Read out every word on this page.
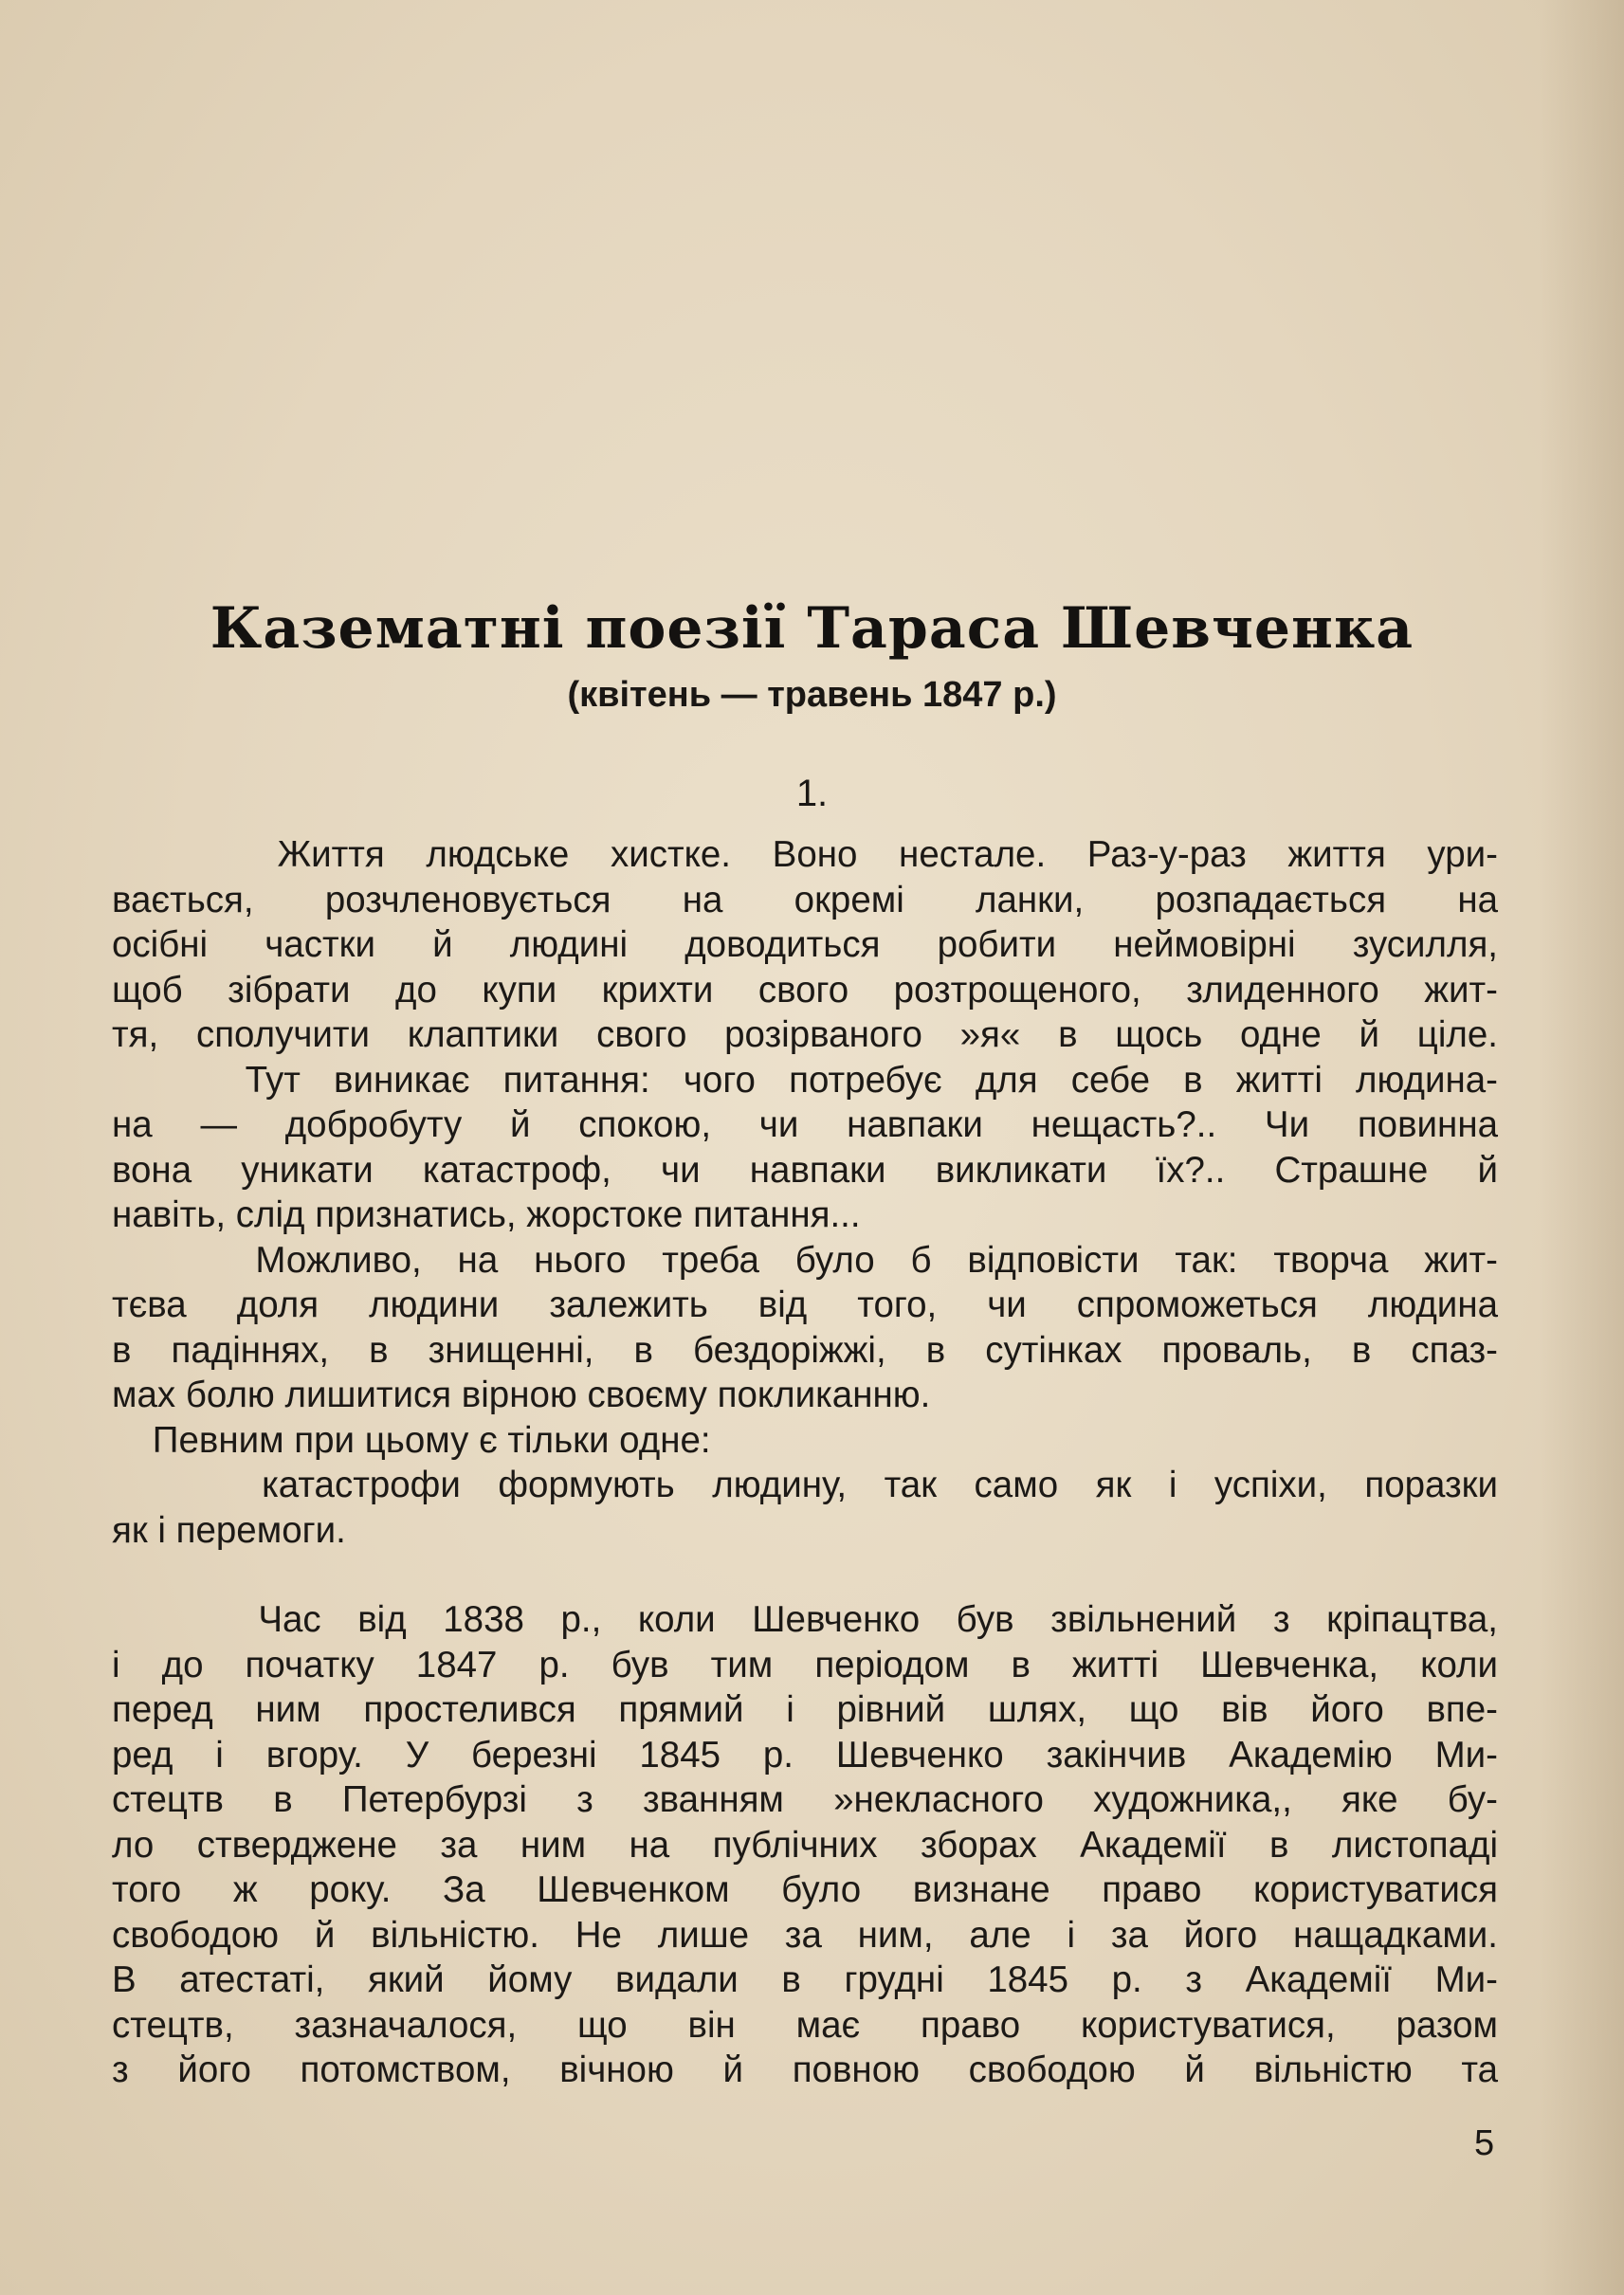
Казематні поезії Тараса Шевченка
(квітень — травень 1847 р.)
1.
Життя людське хистке. Воно нестале. Раз-у-раз життя ури-
вається, розчленовується на окремі ланки, розпадається на
осібні частки й людині доводиться робити неймовірні зусилля,
щоб зібрати до купи крихти свого розтрощеного, злиденного жит-
тя, сполучити клаптики свого розірваного »я« в щось одне й ціле.
Тут виникає питання: чого потребує для себе в житті людина-
на — добробуту й спокою, чи навпаки нещасть?.. Чи повинна
вона уникати катастроф, чи навпаки викликати їх?.. Страшне й
навіть, слід признатись, жорстоке питання...
Можливо, на нього треба було б відповісти так: творча жит-
тєва доля людини залежить від того, чи спроможеться людина
в падіннях, в знищенні, в бездоріжжі, в сутінках проваль, в спаз-
мах болю лишитися вірною своєму покликанню.
Певним при цьому є тільки одне:
катастрофи формують людину, так само як і успіхи, поразки
як і перемоги.
Час від 1838 р., коли Шевченко був звільнений з кріпацтва,
і до початку 1847 р. був тим періодом в житті Шевченка, коли
перед ним простелився прямий і рівний шлях, що вів його впе-
ред і вгору. У березні 1845 р. Шевченко закінчив Академію Ми-
стецтв в Петербурзі з званням »некласного художника,, яке бу-
ло стверджене за ним на публічних зборах Академії в листопаді
того ж року. За Шевченком було визнане право користуватися
свободою й вільністю. Не лише за ним, але і за його нащадками.
В атестаті, який йому видали в грудні 1845 р. з Академії Ми-
стецтв, зазначалося, що він має право користуватися, разом
з його потомством, вічною й повною свободою й вільністю та
5
